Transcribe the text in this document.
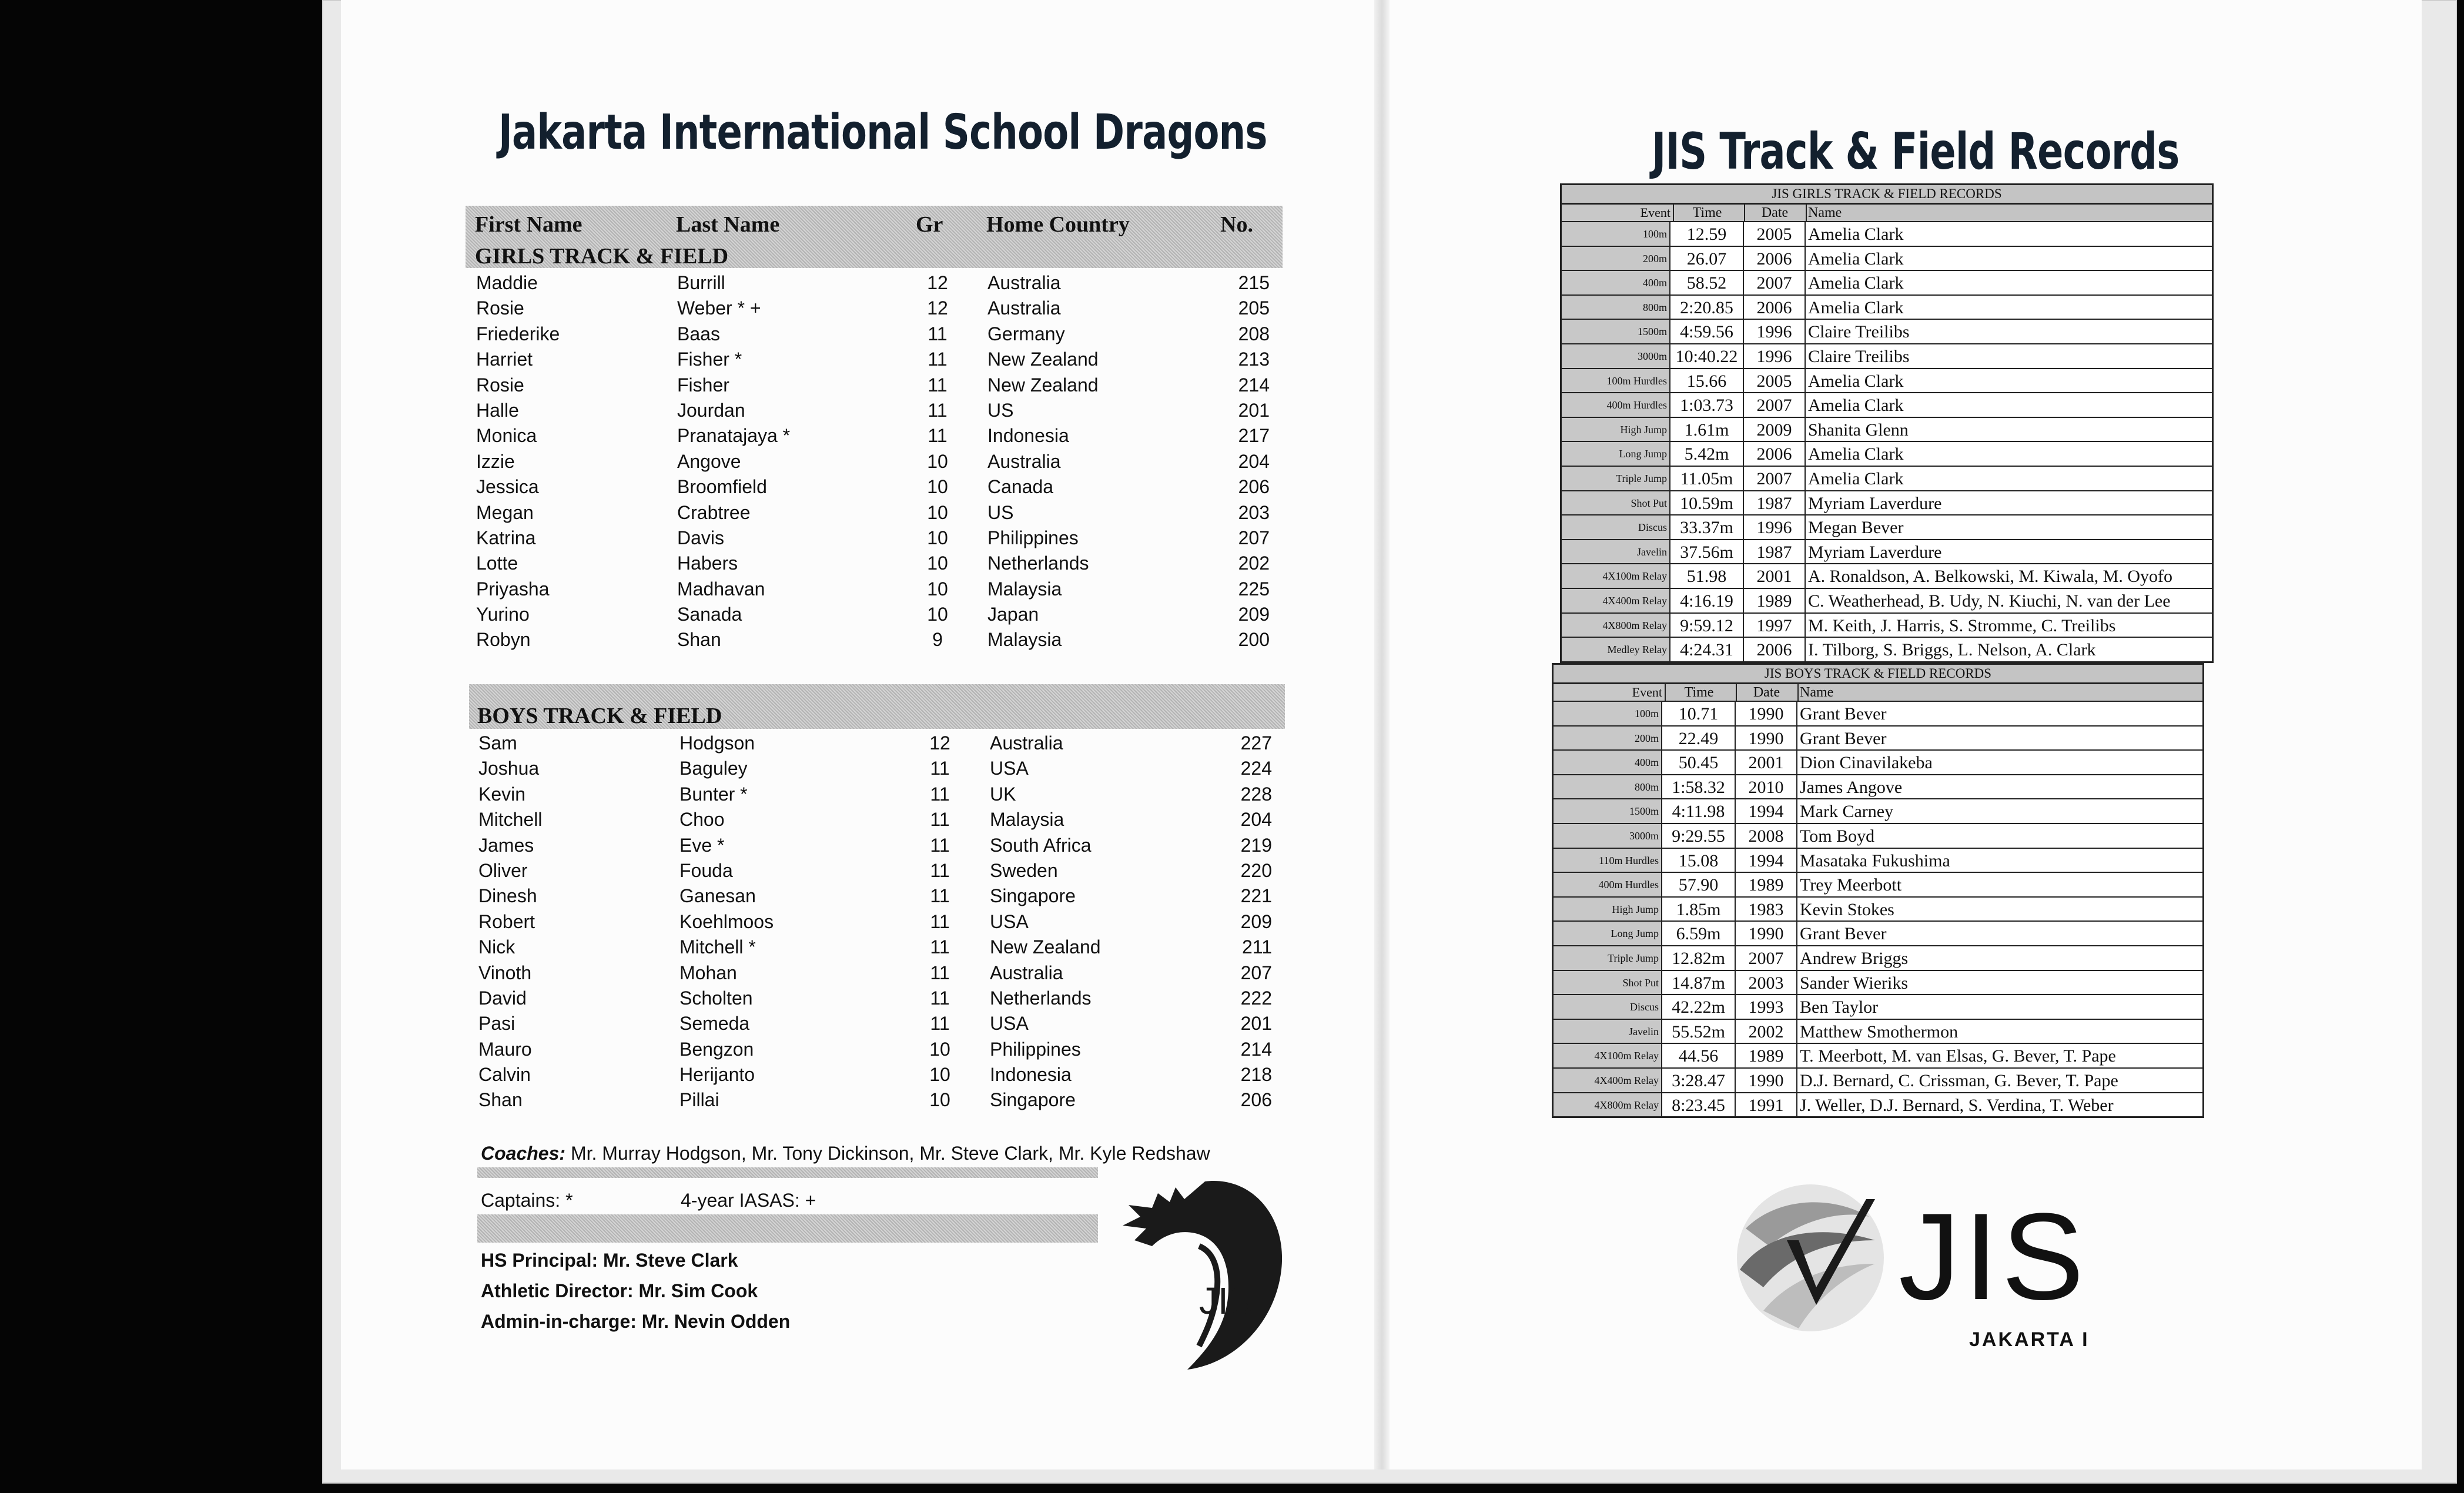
Jakarta International School Dragons
First Name	Last Name	Gr Home Country	No.
GIRLS TRACK & FIELD
Maddie	Burrill	12 Australia	215
Rosie	Weber * +	12 Australia	205
Friederike	Baas	11 Germany	208
Harriet	Fisher *	11 New Zealand	213
Rosie	Fisher	11 New Zealand	214
Halle	Jourdan	11 US	201
Monica	Pranatajaya *	11 Indonesia	217
Izzie	Angove	10 Australia	204
Jessica	Broomfield	10 Canada	206
Megan	Crabtree	10 US	203
Katrina	Davis	10 Philippines	207
Lotte	Habers	10 Netherlands	202
Priyasha	Madhavan	10 Malaysia	225
Yurino	Sanada	10 Japan	209
Robyn	Shan	9	Malaysia	200
BOYS TRACK & FIELD
Sam	Hodgson	12 Australia	227
Joshua	Baguley	11 USA	224
Kevin	Bunter *	11 UK	228
Mitchell	Choo	11 Malaysia	204
James	Eve *	11 South Africa	219
Oliver	Fouda	11 Sweden	220
Dinesh	Ganesan	11 Singapore	221
Robert	Koehlmoos	11 USA	209
Nick	Mitchell *	11 New Zealand	211
Vinoth	Mohan	11 Australia	207
David	Scholten	11 Netherlands	222
Pasi	Semeda	11 USA	201
Mauro	Bengzon	10 Philippines	214
Calvin	Herijanto	10 Indonesia	218
Shan	Pillai	10 Singapore	206
Coaches: Mr. Murray Hodgson, Mr. Tony Dickinson, Mr. Steve Clark, Mr. Kyle Redshaw
Captains: *	4-year IASAS: +
HS Principal: Mr. Steve Clark
Athletic Director: Mr. Sim Cook
Admin-in-charge: Mr. Nevin Odden	JIS
JIS Track & Field Records
JIS GIRLS TRACK & FIELD RECORDS
Event	Time	Date	Name
100m	12.59	2005 Amelia Clark
200m	26.07	2006 Amelia Clark
400m	58.52	2007 Amelia Clark
800m 2:20.85	2006 Amelia Clark
1500m 4:59.56	1996 Claire Treilibs
3000m 10:40.22	1996 Claire Treilibs
100m Hurdles	15.66	2005 Amelia Clark
400m Hurdles 1:03.73	2007 Amelia Clark
High Jump 1.61m	2009 Shanita Glenn
Long Jump 5.42m	2006 Amelia Clark
Triple Jump 11.05m	2007 Amelia Clark
Shot Put 10.59m	1987 Myriam Laverdure
Discus 33.37m	1996 Megan Bever
Javelin 37.56m	1987 Myriam Laverdure
4X100m Relay	51.98	2001 A. Ronaldson, A. Belkowski, M. Kiwala, M. Oyofo
4X400m Relay 4:16.19	1989 C. Weatherhead, B. Udy, N. Kiuchi, N. van der Lee
4X800m Relay 9:59.12	1997 M. Keith, J. Harris, S. Stromme, C. Treilibs
Medley Relay 4:24.31	2006 I. Tilborg, S. Briggs, L. Nelson, A. Clark
JIS BOYS TRACK & FIELD RECORDS
Event	Time	Date	Name
100m	10.71	1990 Grant Bever
200m	22.49	1990 Grant Bever
400m	50.45	2001 Dion Cinavilakeba
800m 1:58.32	2010 James Angove
1500m 4:11.98	1994 Mark Carney
3000m 9:29.55	2008 Tom Boyd
110m Hurdles	15.08	1994 Masataka Fukushima
400m Hurdles	57.90	1989 Trey Meerbott
High Jump 1.85m	1983 Kevin Stokes
Long Jump 6.59m	1990 Grant Bever
Triple Jump 12.82m	2007 Andrew Briggs
Shot Put 14.87m	2003 Sander Wieriks
Discus 42.22m	1993 Ben Taylor
Javelin 55.52m	2002 Matthew Smothermon
4X100m Relay	44.56	1989 T. Meerbott, M. van Elsas, G. Bever, T. Pape
4X400m Relay 3:28.47	1990 D.J. Bernard, C. Crissman, G. Bever, T. Pape
4X800m Relay 8:23.45	1991 J. Weller, D.J. Bernard, S. Verdina, T. Weber
JIS
JAKARTA I
